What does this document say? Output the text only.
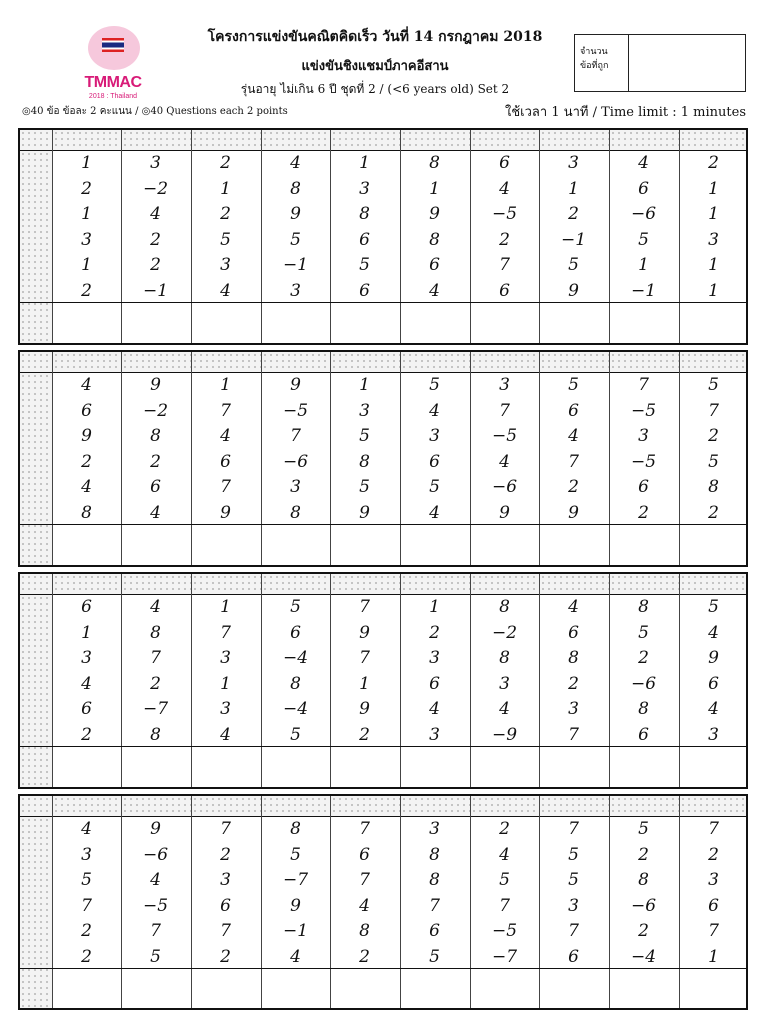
TMMAC
2018 : Thailand
โครงการแข่งขันคณิตคิดเร็ว วันที่ 14 กรกฎาคม 2018
แข่งขันชิงแชมป์ภาคอีสาน
รุ่นอายุ ไม่เกิน 6 ปี ชุดที่ 2 / (<6 years old) Set 2
จำนวน
ข้อที่ถูก
◎40 ข้อ ข้อละ 2 คะแนน / ◎40 Questions each 2 points	ใช้เวลา 1 นาที / Time limit : 1 minutes
1
2
1
3
1
2
3
−2
4
2
2
−1
2
1
2
5
3
4
4
8
9
5
−1
3
1
3
8
6
5
6
8
1
9
8
6
4
6
4
−5
2
7
6
3
1
2
−1
5
9
4
6
−6
5
1
−1
2
1
1
3
1
1
4
6
9
2
4
8
9
−2
8
2
6
4
1
7
4
6
7
9
9
−5
7
−6
3
8
1
3
5
8
5
9
5
4
3
6
5
4
3
7
−5
4
−6
9
5
6
4
7
2
9
7
−5
3
−5
6
2
5
7
2
5
8
2
6
1
3
4
6
2
4
8
7
2
−7
8
1
7
3
1
3
4
5
6
−4
8
−4
5
7
9
7
1
9
2
1
2
3
6
4
3
8
−2
8
3
4
−9
4
6
8
2
3
7
8
5
2
−6
8
6
5
4
9
6
4
3
4
3
5
7
2
2
9
−6
4
−5
7
5
7
2
3
6
7
2
8
5
−7
9
−1
4
7
6
7
4
8
2
3
8
8
7
6
5
2
4
5
7
−5
−7
7
5
5
3
7
6
5
2
8
−6
2
−4
7
2
3
6
7
1
